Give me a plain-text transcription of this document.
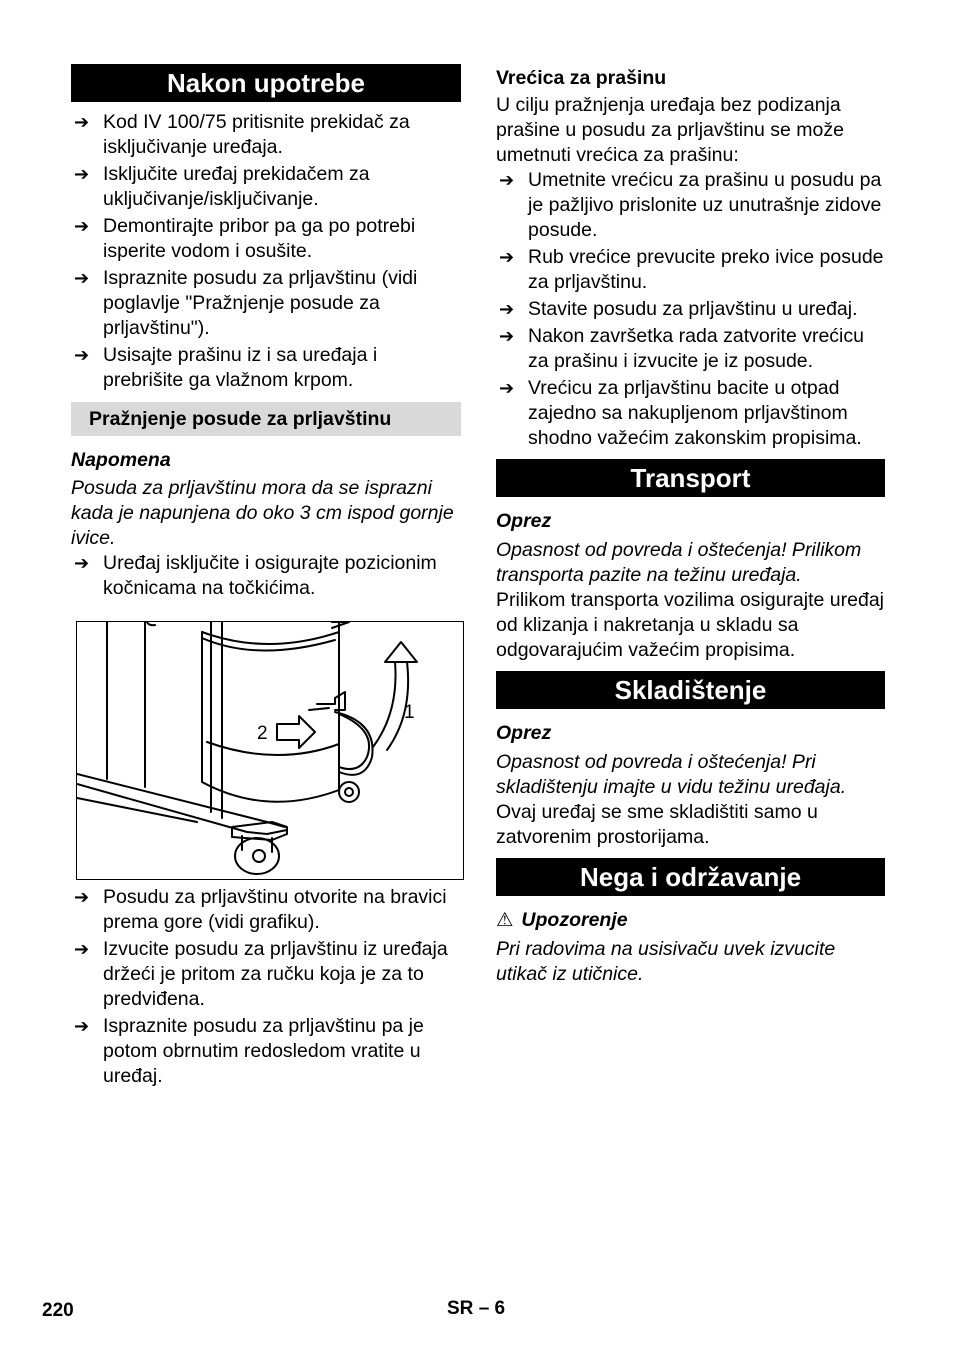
Nakon upotrebe
➔ Kod IV 100/75 pritisnite prekidač za isključivanje uređaja.
➔ Isključite uređaj prekidačem za uključivanje/isključivanje.
➔ Demontirajte pribor pa ga po potrebi isperite vodom i osušite.
➔ Ispraznite posudu za prljavštinu (vidi poglavlje "Pražnjenje posude za prljavštinu").
➔ Usisajte prašinu iz i sa uređaja i prebrišite ga vlažnom krpom.
Pražnjenje posude za prljavštinu

Napomena

Posuda za prljavštinu mora da se isprazni kada je napunjena do oko 3 cm ispod gornje ivice.

➔ Uređaj isključite i osigurajte pozicionim kočnicama na točkićima.
2
1
➔ Posudu za prljavštinu otvorite na bravici prema gore (vidi grafiku).
➔ Izvucite posudu za prljavštinu iz uređaja držeći je pritom za ručku koja je za to predviđena.
➔ Ispraznite posudu za prljavštinu pa je potom obrnutim redosledom vratite u uređaj.

Vrećica za prašinu

U cilju pražnjenja uređaja bez podizanja prašine u posudu za prljavštinu se može umetnuti vrećica za prašinu:

➔ Umetnite vrećicu za prašinu u posudu pa je pažljivo prislonite uz unutrašnje zidove posude.
➔ Rub vrećice prevucite preko ivice posude za prljavštinu.
➔ Stavite posudu za prljavštinu u uređaj.
➔ Nakon završetka rada zatvorite vrećicu za prašinu i izvucite je iz posude.
➔ Vrećicu za prljavštinu bacite u otpad zajedno sa nakupljenom prljavštinom shodno važećim zakonskim propisima.
Transport

Oprez

Opasnost od povreda i oštećenja! Prilikom transporta pazite na težinu uređaja.

Prilikom transporta vozilima osigurajte uređaj od klizanja i nakretanja u skladu sa odgovarajućim važećim propisima.

Skladištenje

Oprez

Opasnost od povreda i oštećenja! Pri skladištenju imajte u vidu težinu uređaja.

Ovaj uređaj se sme skladištiti samo u zatvorenim prostorijama.

Nega i održavanje

⚠ Upozorenje

Pri radovima na usisivaču uvek izvucite utikač iz utičnice.

220	SR – 6
